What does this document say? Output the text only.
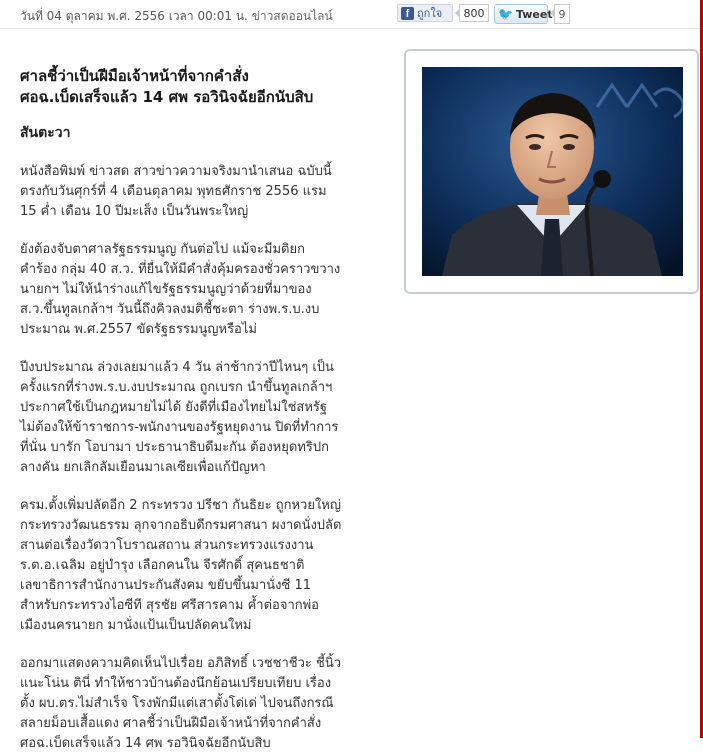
วันที่ 04 ตุลาคม พ.ศ. 2556 เวลา 00:01 น. ข่าวสดออนไลน์	f ถูกใจ	800	🐦 Tweet 9
ศาลชี้ว่าเป็นฝีมือเจ้าหน้าที่จากคำสั่ง
ศอฉ.เบ็ดเสร็จแล้ว 14 ศพ รอวินิจฉัยอีกนับสิบ

สันตะวา

หนังสือพิมพ์ ข่าวสด สาวข่าวความจริงมานำเสนอ ฉบับนี้
ตรงกับวันศุกร์ที่ 4 เดือนตุลาคม พุทธศักราช 2556 แรม
15 ค่ำ เดือน 10 ปีมะเส็ง เป็นวันพระใหญ่

ยังต้องจับตาศาลรัฐธรรมนูญ กันต่อไป แม้จะมีมติยก
คำร้อง กลุ่ม 40 ส.ว. ที่ยื่นให้มีคำสั่งคุ้มครองชั่วคราวขวาง
นายกฯ ไม่ให้นำร่างแก้ไขรัฐธรรมนูญว่าด้วยที่มาของ
ส.ว.ขึ้นทูลเกล้าฯ วันนี้ถึงคิวลงมติชี้ชะตา ร่างพ.ร.บ.งบ
ประมาณ พ.ศ.2557 ขัดรัฐธรรมนูญหรือไม่

ปีงบประมาณ ล่วงเลยมาแล้ว 4 วัน ล่าช้ากว่าปีไหนๆ เป็น
ครั้งแรกที่ร่างพ.ร.บ.งบประมาณ ถูกเบรก นำขึ้นทูลเกล้าฯ
ประกาศใช้เป็นกฎหมายไม่ได้ ยังดีที่เมืองไทยไม่ใช่สหรัฐ
ไม่ต้องให้ข้าราชการ-พนักงานของรัฐหยุดงาน ปิดที่ทำการ
ที่นั่น บารัก โอบามา ประธานาธิบดีมะกัน ต้องหยุดทริปก
ลางคัน ยกเลิกลัมเยือนมาเลเซียเพื่อแก้ปัญหา

ครม.ตั้งเพิ่มปลัดอีก 2 กระทรวง ปรีชา กันธิยะ ถูกหวยใหญ่
กระทรวงวัฒนธรรม ลุกจากอธิบดีกรมศาสนา ผงาดนั่งปลัด
สานต่อเรื่องวัดวาโบราณสถาน ส่วนกระทรวงแรงงาน
ร.ต.อ.เฉลิม อยู่บำรุง เลือกคนใน จีรศักดิ์ สุคนธชาติ
เลขาธิการสำนักงานประกันสังคม ขยับขึ้นมานั่งซี 11
สำหรับกระทรวงไอซีที สุรชัย ศรีสารคาม ค้ำต่อจากพ่อ
เมืองนครนายก มานั่งแป้นเป็นปลัดคนใหม่

ออกมาแสดงความคิดเห็นไปเรื่อย อภิสิทธิ์ เวชชาชีวะ ชี้นิ้ว
แนะโน่น ตินี่ ทำให้ชาวบ้านต้องนึกย้อนเปรียบเทียบ เรื่อง
ตั้ง ผบ.ตร.ไม่สำเร็จ โรงพักมีแต่เสาตั้งโด่เด่ ไปจนถึงกรณี
สลายม็อบเสื้อแดง ศาลชี้ว่าเป็นฝีมือเจ้าหน้าที่จากคำสั่ง
ศอฉ.เบ็ดเสร็จแล้ว 14 ศพ รอวินิจฉัยอีกนับสิบ
